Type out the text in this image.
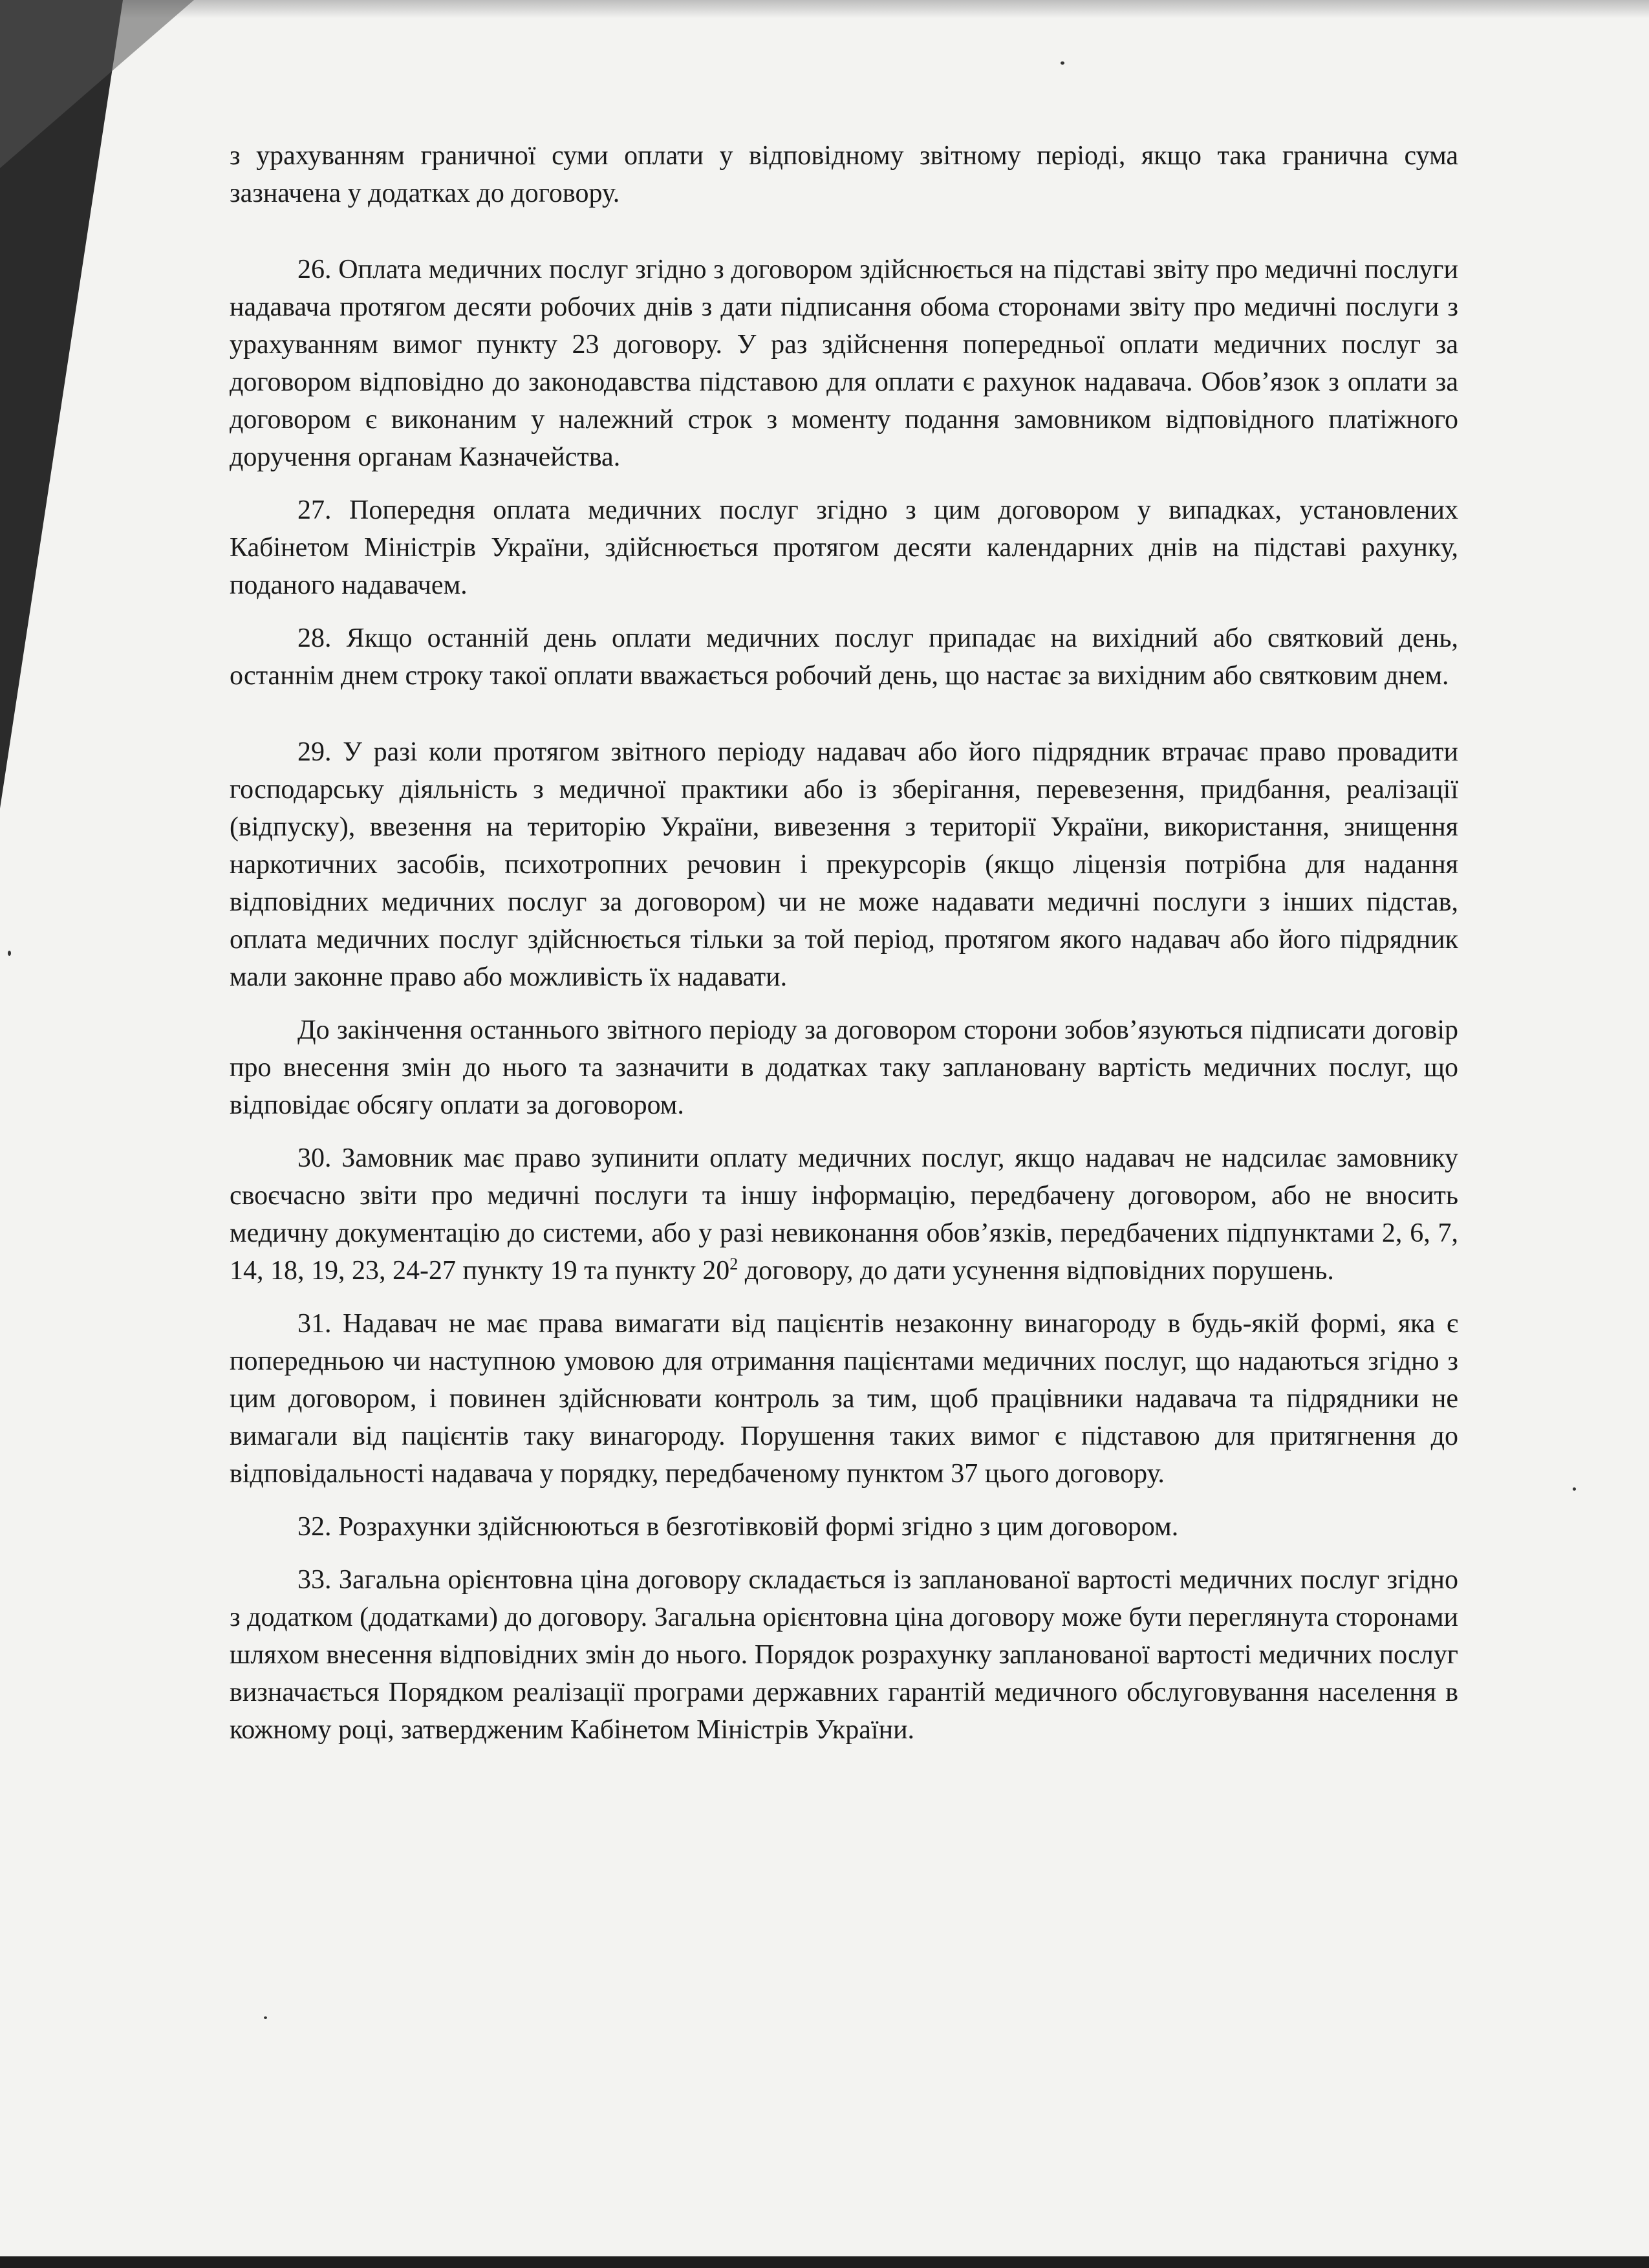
з урахуванням граничної суми оплати у відповідному звітному періоді, якщо така гранична сума зазначена у додатках до договору.

26. Оплата медичних послуг згідно з договором здійснюється на підставі звіту про медичні послуги надавача протягом десяти робочих днів з дати підписання обома сторонами звіту про медичні послуги з урахуванням вимог пункту 23 договору. У раз здійснення попередньої оплати медичних послуг за договором відповідно до законодавства підставою для оплати є рахунок надавача. Обов’язок з оплати за договором є виконаним у належний строк з моменту подання замовником відповідного платіжного доручення органам Казначейства.

27. Попередня оплата медичних послуг згідно з цим договором у випадках, установлених Кабінетом Міністрів України, здійснюється протягом десяти календарних днів на підставі рахунку, поданого надавачем.

28. Якщо останній день оплати медичних послуг припадає на вихідний або святковий день, останнім днем строку такої оплати вважається робочий день, що настає за вихідним або святковим днем.

29. У разі коли протягом звітного періоду надавач або його підрядник втрачає право провадити господарську діяльність з медичної практики або із зберігання, перевезення, придбання, реалізації (відпуску), ввезення на територію України, вивезення з території України, використання, знищення наркотичних засобів, психотропних речовин і прекурсорів (якщо ліцензія потрібна для надання відповідних медичних послуг за договором) чи не може надавати медичні послуги з інших підстав, оплата медичних послуг здійснюється тільки за той період, протягом якого надавач або його підрядник мали законне право або можливість їх надавати.

До закінчення останнього звітного періоду за договором сторони зобов’язуються підписати договір про внесення змін до нього та зазначити в додатках таку заплановану вартість медичних послуг, що відповідає обсягу оплати за договором.

30. Замовник має право зупинити оплату медичних послуг, якщо надавач не надсилає замовнику своєчасно звіти про медичні послуги та іншу інформацію, передбачену договором, або не вносить медичну документацію до системи, або у разі невиконання обов’язків, передбачених підпунктами 2, 6, 7, 14, 18, 19, 23, 24-27 пункту 19 та пункту $20^2$ договору, до дати усунення відповідних порушень.

31. Надавач не має права вимагати від пацієнтів незаконну винагороду в будь-якій формі, яка є попередньою чи наступною умовою для отримання пацієнтами медичних послуг, що надаються згідно з цим договором, і повинен здійснювати контроль за тим, щоб працівники надавача та підрядники не вимагали від пацієнтів таку винагороду. Порушення таких вимог є підставою для притягнення до відповідальності надавача у порядку, передбаченому пунктом 37 цього договору.

32. Розрахунки здійснюються в безготівковій формі згідно з цим договором.

33. Загальна орієнтовна ціна договору складається із запланованої вартості медичних послуг згідно з додатком (додатками) до договору. Загальна орієнтовна ціна договору може бути переглянута сторонами шляхом внесення відповідних змін до нього. Порядок розрахунку запланованої вартості медичних послуг визначається Порядком реалізації програми державних гарантій медичного обслуговування населення в кожному році, затвердженим Кабінетом Міністрів України.
